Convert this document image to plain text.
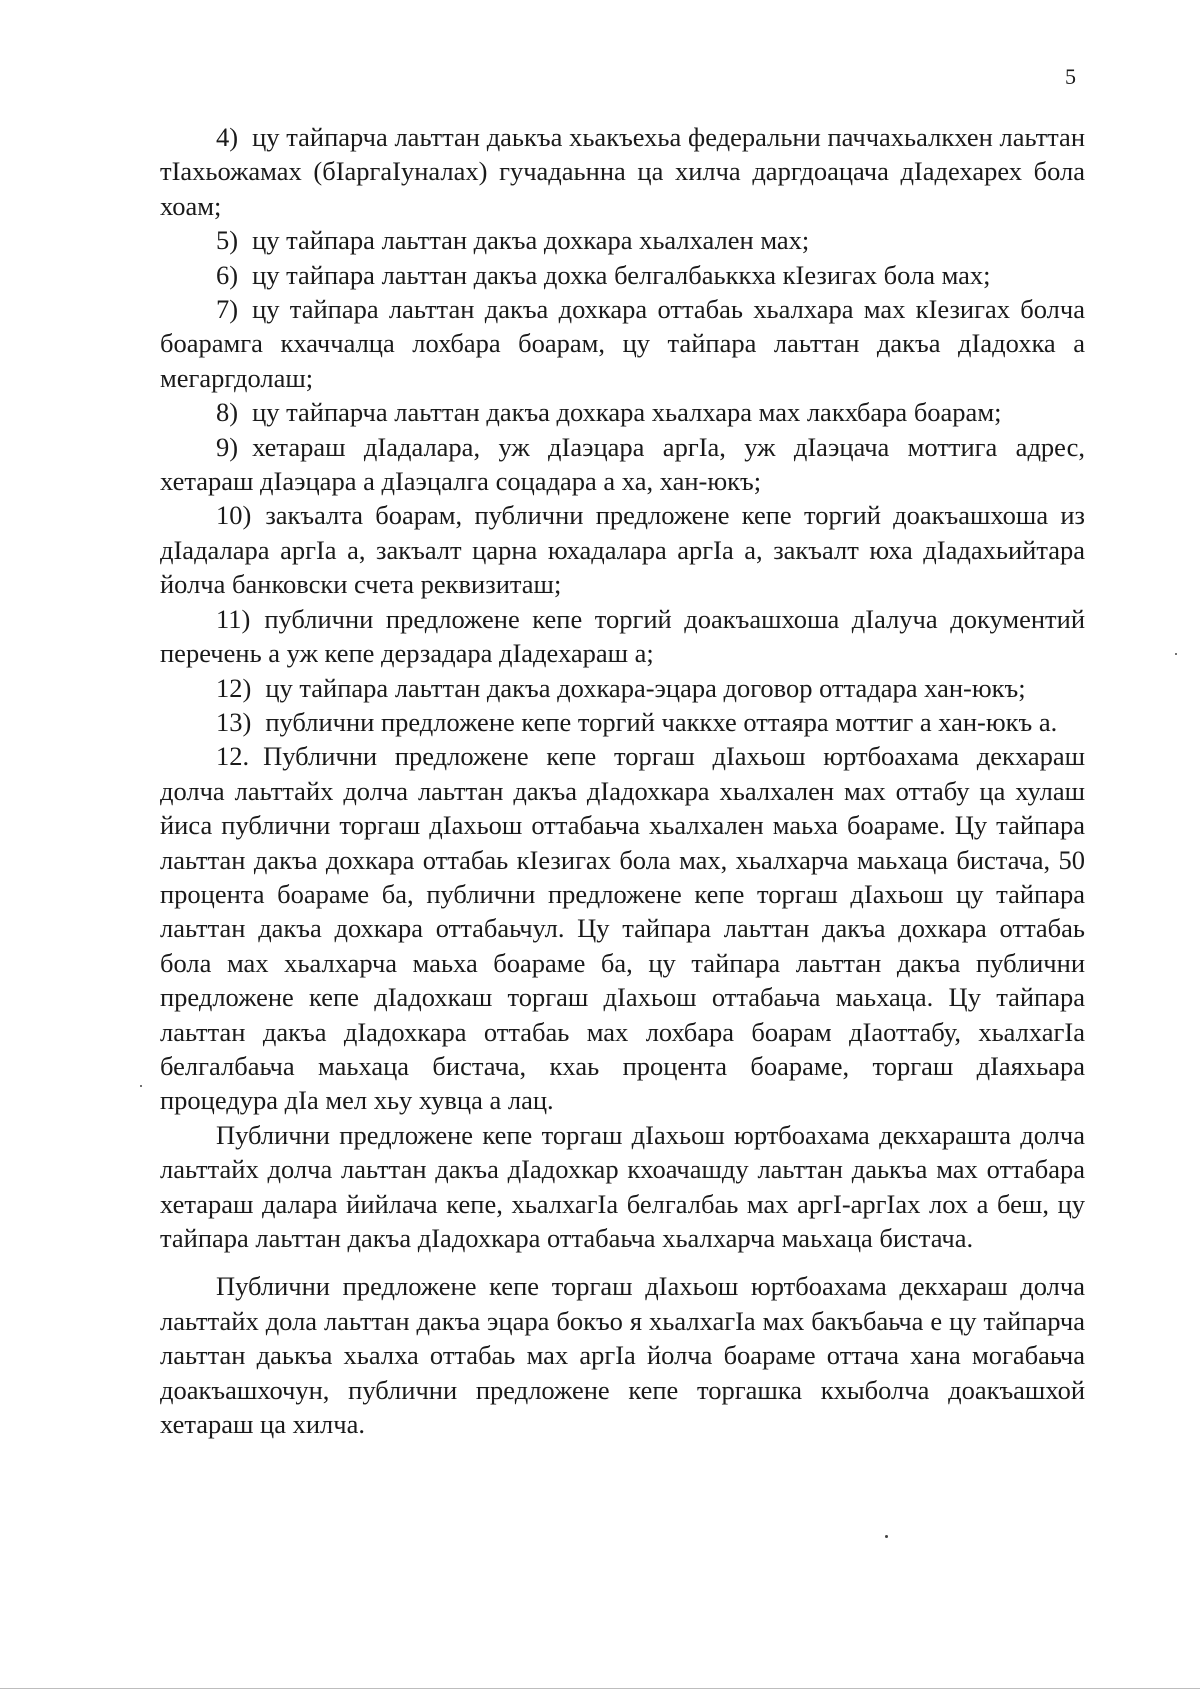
5

4) цу тайпарча лаьттан даькъа хьакъехьа федеральни паччахьалкхен лаьттан тIахьожамах (бIаргаIуналах) гучадаьнна ца хилча даргдоацача дIадехарех бола хоам;

5) цу тайпара лаьттан дакъа дохкара хьалхален мах;

6) цу тайпара лаьттан дакъа дохка белгалбаьккха кIезигах бола мах;

7) цу тайпара лаьттан дакъа дохкара оттабаь хьалхара мах кIезигах болча боарамга кхаччалца лохбара боарам, цу тайпара лаьттан дакъа дIадохка а мегаргдолаш;

8) цу тайпарча лаьттан дакъа дохкара хьалхара мах лакхбара боарам;

9) хетараш дIадалара, уж дIаэцара аргIа, уж дIаэцача моттига адрес, хетараш дIаэцара а дIаэцалга соцадара а ха, хан-юкъ;

10) закъалта боарам, публични предложене кепе торгий доакъашхоша из дIадалара аргIа а, закъалт царна юхадалара аргIа а, закъалт юха дIадахьийтара йолча банковски счета реквизиташ;

11) публични предложене кепе торгий доакъашхоша дIалуча документий перечень а уж кепе дерзадара дIадехараш а;

12) цу тайпара лаьттан дакъа дохкара-эцара договор оттадара хан-юкъ;

13) публични предложене кепе торгий чаккхе оттаяра моттиг а хан-юкъ а.

12. Публични предложене кепе торгаш дIахьош юртбоахама декхараш долча лаьттайх долча лаьттан дакъа дIадохкара хьалхален мах оттабу ца хулаш йиса публични торгаш дIахьош оттабаьча хьалхален маьха боараме. Цу тайпара лаьттан дакъа дохкара оттабаь кIезигах бола мах, хьалхарча маьхаца бистача, 50 процента боараме ба, публични предложене кепе торгаш дIахьош цу тайпара лаьттан дакъа дохкара оттабаьчул. Цу тайпара лаьттан дакъа дохкара оттабаь бола мах хьалхарча маьха боараме ба, цу тайпара лаьттан дакъа публични предложене кепе дIадохкаш торгаш дIахьош оттабаьча маьхаца. Цу тайпара лаьттан дакъа дIадохкара оттабаь мах лохбара боарам дIаоттабу, хьалхагIа белгалбаьча маьхаца бистача, кхаь процента боараме, торгаш дIаяхьара процедура дIа мел хьу хувца а лац.

Публични предложене кепе торгаш дIахьош юртбоахама декхарашта долча лаьттайх долча лаьттан дакъа дIадохкар кхоачашду лаьттан даькъа мах оттабара хетараш далара йийлача кепе, хьалхагIа белгалбаь мах аргI-аргIах лох а беш, цу тайпара лаьттан дакъа дIадохкара оттабаьча хьалхарча маьхаца бистача.

Публични предложене кепе торгаш дIахьош юртбоахама декхараш долча лаьттайх дола лаьттан дакъа эцара бокъо я хьалхагIа мах бакъбаьча е цу тайпарча лаьттан даькъа хьалха оттабаь мах аргIа йолча боараме оттача хана могабаьча доакъашхочун, публични предложене кепе торгашка кхыболча доакъашхой хетараш ца хилча.
